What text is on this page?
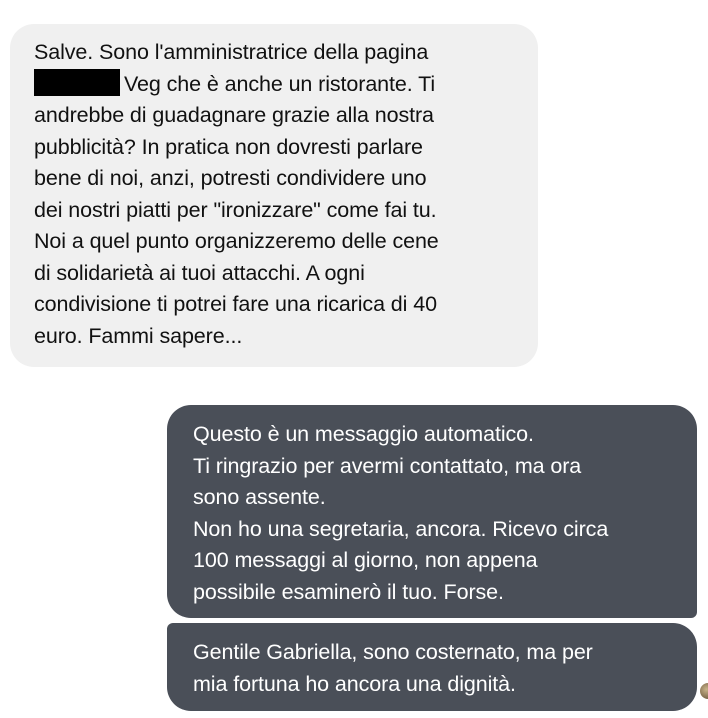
Salve. Sono l'amministratrice della pagina

Veg che è anche un ristorante. Ti

andrebbe di guadagnare grazie alla nostra

pubblicità? In pratica non dovresti parlare

bene di noi, anzi, potresti condividere uno

dei nostri piatti per "ironizzare" come fai tu.

Noi a quel punto organizzeremo delle cene

di solidarietà ai tuoi attacchi. A ogni

condivisione ti potrei fare una ricarica di 40

euro. Fammi sapere...

Questo è un messaggio automatico.

Ti ringrazio per avermi contattato, ma ora

sono assente.

Non ho una segretaria, ancora. Ricevo circa

100 messaggi al giorno, non appena

possibile esaminerò il tuo. Forse.

Gentile Gabriella, sono costernato, ma per

mia fortuna ho ancora una dignità.
